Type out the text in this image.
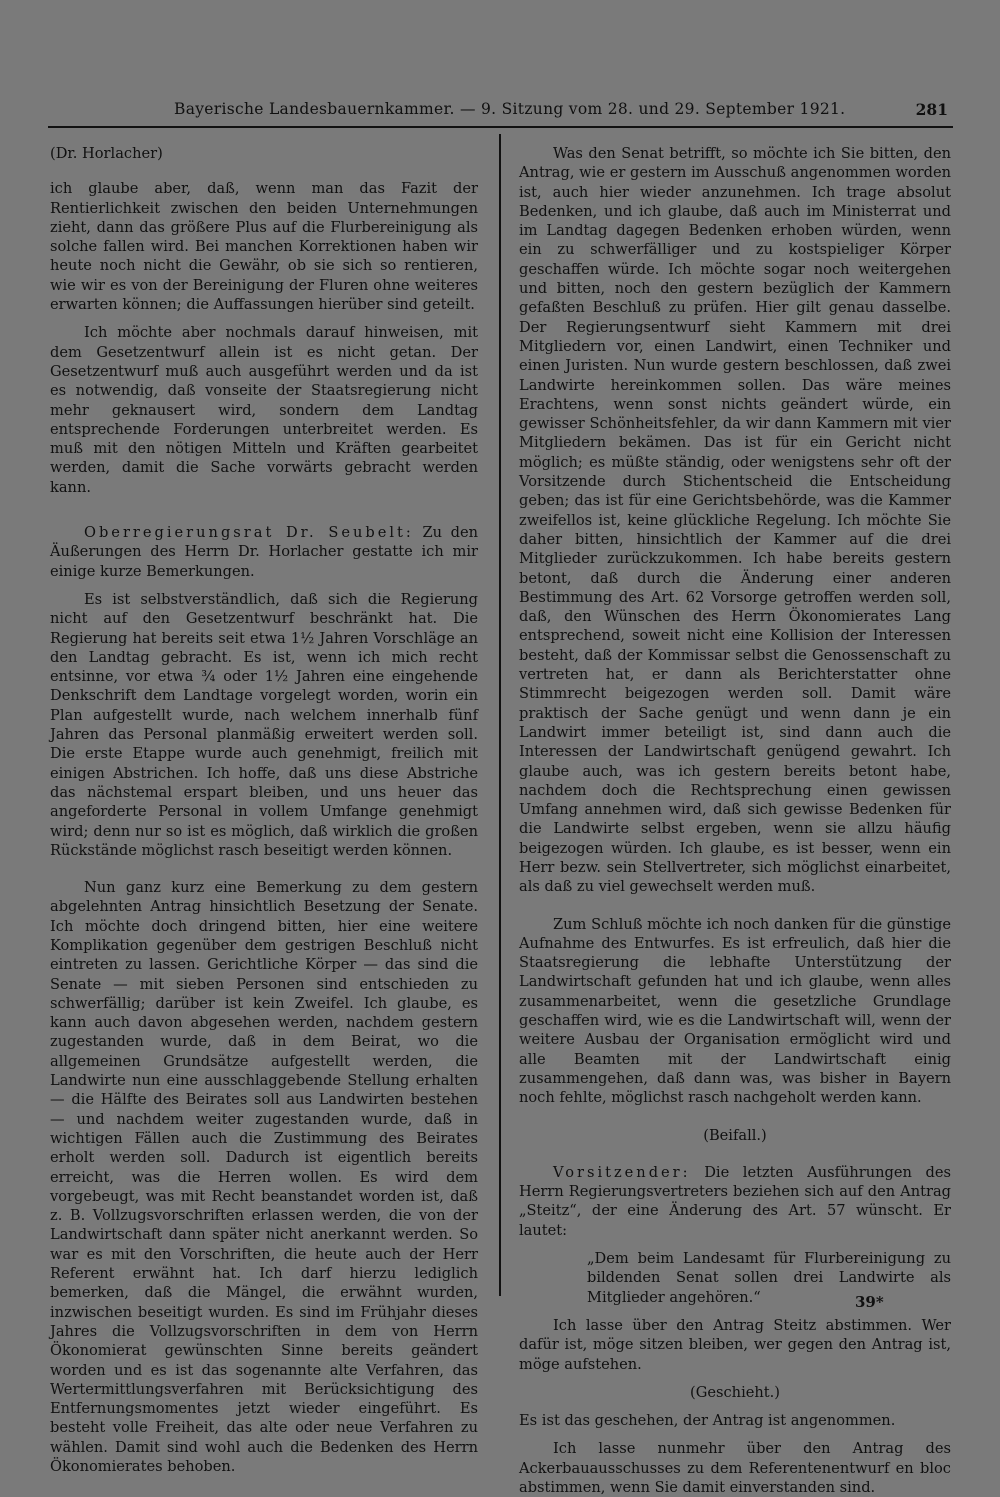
Bayerische Landesbauernkammer. — 9. Sitzung vom 28. und 29. September 1921.	281

(Dr. Horlacher)

ich glaube aber, daß, wenn man das Fazit der Rentierlichkeit zwischen den beiden Unternehmungen zieht, dann das größere Plus auf die Flurbereinigung als solche fallen wird. Bei manchen Korrektionen haben wir heute noch nicht die Gewähr, ob sie sich so rentieren, wie wir es von der Bereinigung der Fluren ohne weiteres erwarten können; die Auffassungen hierüber sind geteilt.

Ich möchte aber nochmals darauf hinweisen, mit dem Gesetzentwurf allein ist es nicht getan. Der Gesetzentwurf muß auch ausgeführt werden und da ist es notwendig, daß vonseite der Staatsregierung nicht mehr geknausert wird, sondern dem Landtag entsprechende Forderungen unterbreitet werden. Es muß mit den nötigen Mitteln und Kräften gearbeitet werden, damit die Sache vorwärts gebracht werden kann.

Oberregierungsrat Dr. Seubelt: Zu den Äußerungen des Herrn Dr. Horlacher gestatte ich mir einige kurze Bemerkungen.

Es ist selbstverständlich, daß sich die Regierung nicht auf den Gesetzentwurf beschränkt hat. Die Regierung hat bereits seit etwa 1½ Jahren Vorschläge an den Landtag gebracht. Es ist, wenn ich mich recht entsinne, vor etwa ¾ oder 1½ Jahren eine eingehende Denkschrift dem Landtage vorgelegt worden, worin ein Plan aufgestellt wurde, nach welchem innerhalb fünf Jahren das Personal planmäßig erweitert werden soll. Die erste Etappe wurde auch genehmigt, freilich mit einigen Abstrichen. Ich hoffe, daß uns diese Abstriche das nächstemal erspart bleiben, und uns heuer das angeforderte Personal in vollem Umfange genehmigt wird; denn nur so ist es möglich, daß wirklich die großen Rückstände möglichst rasch beseitigt werden können.

Nun ganz kurz eine Bemerkung zu dem gestern abgelehnten Antrag hinsichtlich Besetzung der Senate. Ich möchte doch dringend bitten, hier eine weitere Komplikation gegenüber dem gestrigen Beschluß nicht eintreten zu lassen. Gerichtliche Körper — das sind die Senate — mit sieben Personen sind entschieden zu schwerfällig; darüber ist kein Zweifel. Ich glaube, es kann auch davon abgesehen werden, nachdem gestern zugestanden wurde, daß in dem Beirat, wo die allgemeinen Grundsätze aufgestellt werden, die Landwirte nun eine ausschlaggebende Stellung erhalten — die Hälfte des Beirates soll aus Landwirten bestehen — und nachdem weiter zugestanden wurde, daß in wichtigen Fällen auch die Zustimmung des Beirates erholt werden soll. Dadurch ist eigentlich bereits erreicht, was die Herren wollen. Es wird dem vorgebeugt, was mit Recht beanstandet worden ist, daß z. B. Vollzugsvorschriften erlassen werden, die von der Landwirtschaft dann später nicht anerkannt werden. So war es mit den Vorschriften, die heute auch der Herr Referent erwähnt hat. Ich darf hierzu lediglich bemerken, daß die Mängel, die erwähnt wurden, inzwischen beseitigt wurden. Es sind im Frühjahr dieses Jahres die Vollzugsvorschriften in dem von Herrn Ökonomierat gewünschten Sinne bereits geändert worden und es ist das sogenannte alte Verfahren, das Wertermittlungsverfahren mit Berücksichtigung des Entfernungsmomentes jetzt wieder eingeführt. Es besteht volle Freiheit, das alte oder neue Verfahren zu wählen. Damit sind wohl auch die Bedenken des Herrn Ökonomierates behoben.

Was den Senat betrifft, so möchte ich Sie bitten, den Antrag, wie er gestern im Ausschuß angenommen worden ist, auch hier wieder anzunehmen. Ich trage absolut Bedenken, und ich glaube, daß auch im Ministerrat und im Landtag dagegen Bedenken erhoben würden, wenn ein zu schwerfälliger und zu kostspieliger Körper geschaffen würde. Ich möchte sogar noch weitergehen und bitten, noch den gestern bezüglich der Kammern gefaßten Beschluß zu prüfen. Hier gilt genau dasselbe. Der Regierungsentwurf sieht Kammern mit drei Mitgliedern vor, einen Landwirt, einen Techniker und einen Juristen. Nun wurde gestern beschlossen, daß zwei Landwirte hereinkommen sollen. Das wäre meines Erachtens, wenn sonst nichts geändert würde, ein gewisser Schönheitsfehler, da wir dann Kammern mit vier Mitgliedern bekämen. Das ist für ein Gericht nicht möglich; es müßte ständig, oder wenigstens sehr oft der Vorsitzende durch Stichentscheid die Entscheidung geben; das ist für eine Gerichtsbehörde, was die Kammer zweifellos ist, keine glückliche Regelung. Ich möchte Sie daher bitten, hinsichtlich der Kammer auf die drei Mitglieder zurückzukommen. Ich habe bereits gestern betont, daß durch die Änderung einer anderen Bestimmung des Art. 62 Vorsorge getroffen werden soll, daß, den Wünschen des Herrn Ökonomierates Lang entsprechend, soweit nicht eine Kollision der Interessen besteht, daß der Kommissar selbst die Genossenschaft zu vertreten hat, er dann als Berichterstatter ohne Stimmrecht beigezogen werden soll. Damit wäre praktisch der Sache genügt und wenn dann je ein Landwirt immer beteiligt ist, sind dann auch die Interessen der Landwirtschaft genügend gewahrt. Ich glaube auch, was ich gestern bereits betont habe, nachdem doch die Rechtsprechung einen gewissen Umfang annehmen wird, daß sich gewisse Bedenken für die Landwirte selbst ergeben, wenn sie allzu häufig beigezogen würden. Ich glaube, es ist besser, wenn ein Herr bezw. sein Stellvertreter, sich möglichst einarbeitet, als daß zu viel gewechselt werden muß.

Zum Schluß möchte ich noch danken für die günstige Aufnahme des Entwurfes. Es ist erfreulich, daß hier die Staatsregierung die lebhafte Unterstützung der Landwirtschaft gefunden hat und ich glaube, wenn alles zusammenarbeitet, wenn die gesetzliche Grundlage geschaffen wird, wie es die Landwirtschaft will, wenn der weitere Ausbau der Organisation ermöglicht wird und alle Beamten mit der Landwirtschaft einig zusammengehen, daß dann was, was bisher in Bayern noch fehlte, möglichst rasch nachgeholt werden kann.

(Beifall.)

Vorsitzender: Die letzten Ausführungen des Herrn Regierungsvertreters beziehen sich auf den Antrag „Steitz“, der eine Änderung des Art. 57 wünscht. Er lautet:

„Dem beim Landesamt für Flurbereinigung zu bildenden Senat sollen drei Landwirte als Mitglieder angehören.“

Ich lasse über den Antrag Steitz abstimmen. Wer dafür ist, möge sitzen bleiben, wer gegen den Antrag ist, möge aufstehen.

(Geschieht.)

Es ist das geschehen, der Antrag ist angenommen.

Ich lasse nunmehr über den Antrag des Ackerbauausschusses zu dem Referentenentwurf en bloc abstimmen, wenn Sie damit einverstanden sind.

39*
